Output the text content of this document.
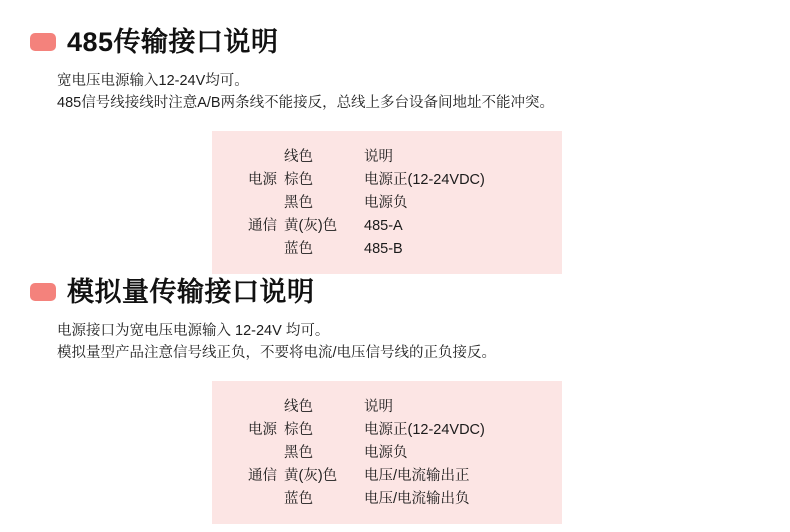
485传输接口说明
宽电压电源输入12-24V均可。
485信号线接线时注意A/B两条线不能接反，总线上多台设备间地址不能冲突。
线色	说明
电源 棕色	电源正(12-24VDC)
黑色	电源负
通信 黄(灰)色	485-A
蓝色	485-B
模拟量传输接口说明
电源接口为宽电压电源输入 12-24V 均可。
模拟量型产品注意信号线正负，不要将电流/电压信号线的正负接反。
线色	说明
电源 棕色	电源正(12-24VDC)
黑色	电源负
通信 黄(灰)色	电压/电流输出正
蓝色	电压/电流输出负
